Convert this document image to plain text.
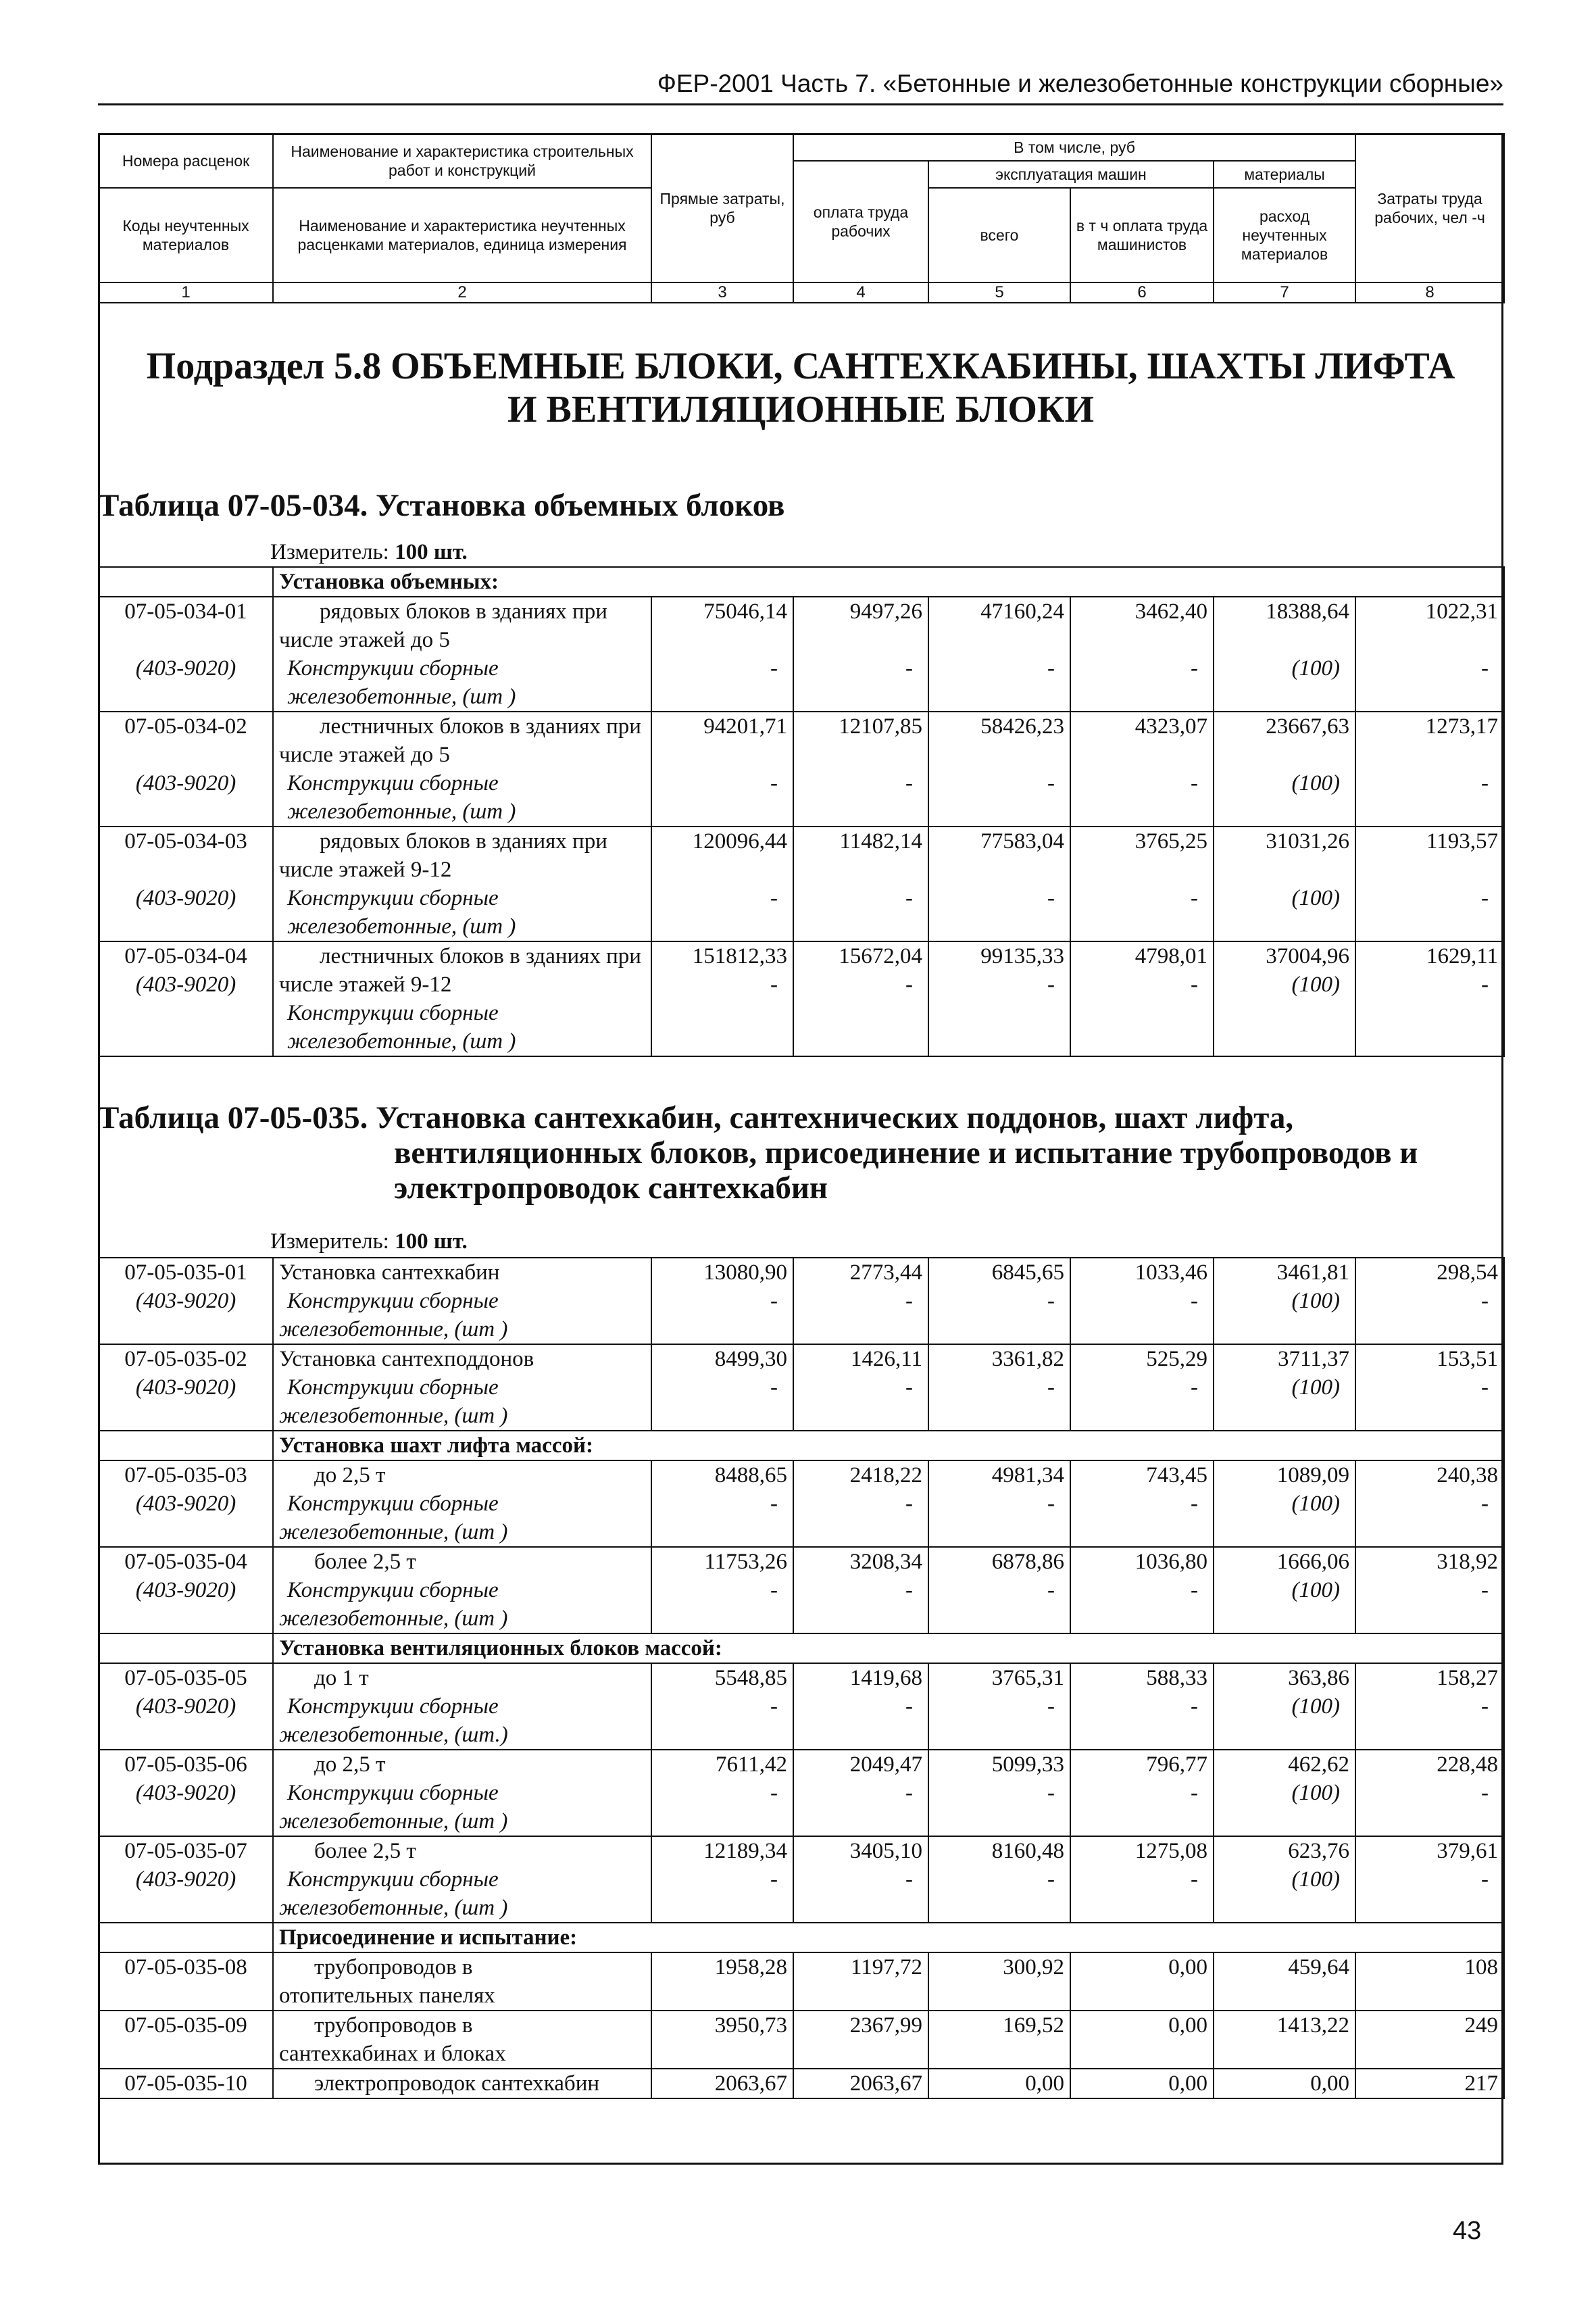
ФЕР-2001 Часть 7. «Бетонные и железобетонные конструкции сборные»
Номера расценок	Наименование и характеристика строительных работ и конструкций	Прямые затраты, руб	В том числе, руб				Затраты труда рабочих, чел -ч
			оплата труда рабочих	эксплуатация машин		материалы	
Коды неучтенных материалов	Наименование и характеристика неучтенных расценками материалов, единица измерения			всего	в т ч оплата труда машинистов	расход неучтенных материалов	

1	2	3	4	5	6	7	8
Подраздел 5.8 ОБЪЕМНЫЕ БЛОКИ, САНТЕХКАБИНЫ, ШАХТЫ ЛИФТА
И ВЕНТИЛЯЦИОННЫЕ БЛОКИ
Таблица 07-05-034. Установка объемных блоков
Измеритель: 100 шт.
	Установка объемных:						
07-05-034-01	рядовых блоков в зданиях при числе этажей до 5	75046,14	9497,26	47160,24	3462,40	18388,64	1022,31

(403-9020)	Конструкции сборные железобетонные, (шт )	-	-	-	-	(100)	-

07-05-034-02	лестничных блоков в зданиях при числе этажей до 5	94201,71	12107,85	58426,23	4323,07	23667,63	1273,17

(403-9020)	Конструкции сборные железобетонные, (шт )	-	-	-	-	(100)	-

07-05-034-03	рядовых блоков в зданиях при числе этажей 9-12	120096,44	11482,14	77583,04	3765,25	31031,26	1193,57

(403-9020)	Конструкции сборные железобетонные, (шт )	-	-	-	-	(100)	-

07-05-034-04	лестничных блоков в зданиях при числе этажей 9-12	151812,33	15672,04	99135,33	4798,01	37004,96	1629,11
(403-9020)		-	-	-	-	(100)	-
	Конструкции сборные железобетонные, (шт )						
Таблица 07-05-035. Установка сантехкабин, сантехнических поддонов, шахт лифта,
вентиляционных блоков, присоединение и испытание трубопроводов и
электропроводок сантехкабин
Измеритель: 100 шт.
07-05-035-01	Установка сантехкабин	13080,90	2773,44	6845,65	1033,46	3461,81	298,54
(403-9020)	Конструкции сборные	-	-	-	-	(100)	-
	железобетонные, (шт )						
07-05-035-02	Установка сантехподдонов	8499,30	1426,11	3361,82	525,29	3711,37	153,51
(403-9020)	Конструкции сборные	-	-	-	-	(100)	-
	железобетонные, (шт )						
	Установка шахт лифта массой:						
07-05-035-03	до 2,5 т	8488,65	2418,22	4981,34	743,45	1089,09	240,38
(403-9020)	Конструкции сборные	-	-	-	-	(100)	-
	железобетонные, (шт )						
07-05-035-04	более 2,5 т	11753,26	3208,34	6878,86	1036,80	1666,06	318,92
(403-9020)	Конструкции сборные	-	-	-	-	(100)	-
	железобетонные, (шт )						
	Установка вентиляционных блоков массой:						
07-05-035-05	до 1 т	5548,85	1419,68	3765,31	588,33	363,86	158,27
(403-9020)	Конструкции сборные	-	-	-	-	(100)	-
	железобетонные, (шт.)						
07-05-035-06	до 2,5 т	7611,42	2049,47	5099,33	796,77	462,62	228,48
(403-9020)	Конструкции сборные	-	-	-	-	(100)	-
	железобетонные, (шт )						
07-05-035-07	более 2,5 т	12189,34	3405,10	8160,48	1275,08	623,76	379,61
(403-9020)	Конструкции сборные	-	-	-	-	(100)	-
	железобетонные, (шт )						
	Присоединение и испытание:						
07-05-035-08	трубопроводов в	1958,28	1197,72	300,92	0,00	459,64	108
	отопительных панелях						
07-05-035-09	трубопроводов в	3950,73	2367,99	169,52	0,00	1413,22	249
	сантехкабинах и блоках						
07-05-035-10	электропроводок сантехкабин	2063,67	2063,67	0,00	0,00	0,00	217
43
